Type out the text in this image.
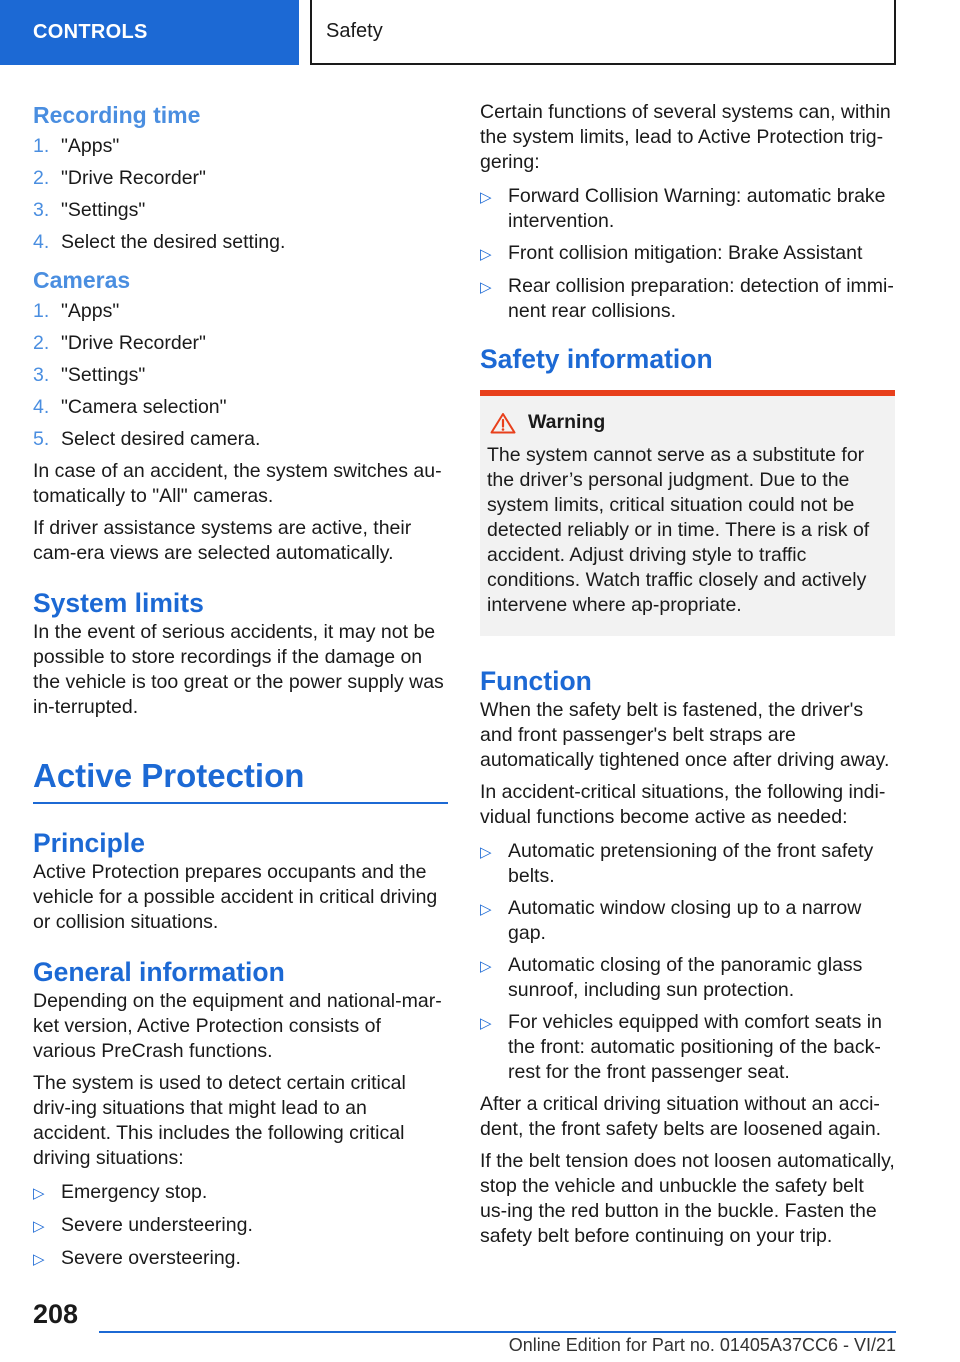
CONTROLS	Safety
Recording time
1. "Apps"
2. "Drive Recorder"
3. "Settings"
4. Select the desired setting.
Cameras
1. "Apps"
2. "Drive Recorder"
3. "Settings"
4. "Camera selection"
5. Select desired camera.

In case of an accident, the system switches au-tomatically to "All" cameras.

If driver assistance systems are active, their cam-era views are selected automatically.

System limits

In the event of serious accidents, it may not be possible to store recordings if the damage on the vehicle is too great or the power supply was in-terrupted.

Active Protection
Principle

Active Protection prepares occupants and the vehicle for a possible accident in critical driving or collision situations.

General information

Depending on the equipment and national-mar-ket version, Active Protection consists of various PreCrash functions.

The system is used to detect certain critical driv-ing situations that might lead to an accident. This includes the following critical driving situations:

▷ Emergency stop.
▷ Severe understeering.
▷ Severe oversteering.

Certain functions of several systems can, within the system limits, lead to Active Protection trig-gering:

▷ Forward Collision Warning: automatic brake intervention.
▷ Front collision mitigation: Brake Assistant
▷ Rear collision preparation: detection of immi-nent rear collisions.
Safety information
Warning
The system cannot serve as a substitute for the driver’s personal judgment. Due to the system limits, critical situation could not be detected reliably or in time. There is a risk of accident. Adjust driving style to traffic conditions. Watch traffic closely and actively intervene where ap-propriate.
Function

When the safety belt is fastened, the driver's and front passenger's belt straps are automatically tightened once after driving away.

In accident-critical situations, the following indi-vidual functions become active as needed:

▷ Automatic pretensioning of the front safety belts.
▷ Automatic window closing up to a narrow gap.
▷ Automatic closing of the panoramic glass sunroof, including sun protection.
▷ For vehicles equipped with comfort seats in the front: automatic positioning of the back-rest for the front passenger seat.

After a critical driving situation without an acci-dent, the front safety belts are loosened again.

If the belt tension does not loosen automatically, stop the vehicle and unbuckle the safety belt us-ing the red button in the buckle. Fasten the safety belt before continuing on your trip.

208
Online Edition for Part no. 01405A37CC6 - VI/21
